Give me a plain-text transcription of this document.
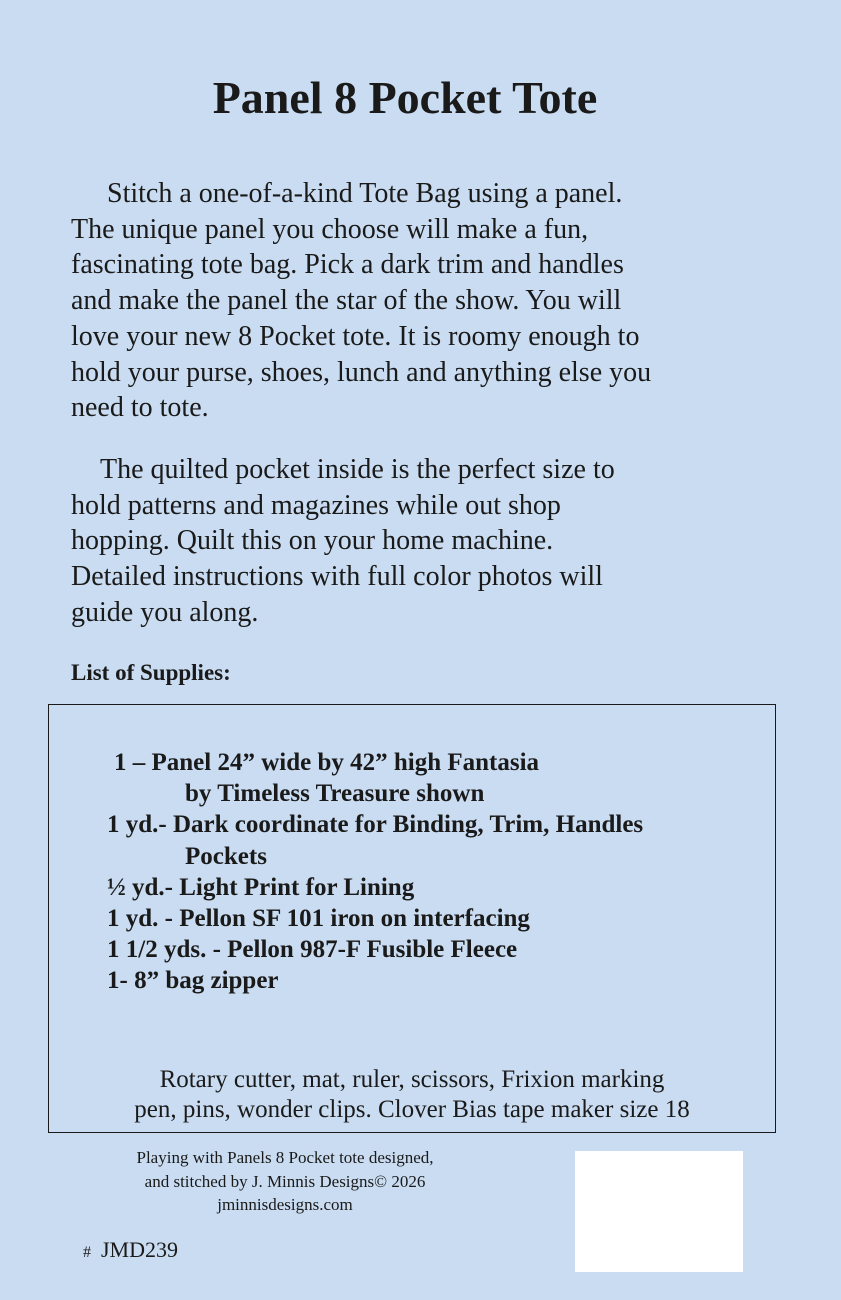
Panel 8 Pocket Tote

Stitch a one-of-a-kind Tote Bag using a panel.
The unique panel you choose will make a fun,
fascinating tote bag. Pick a dark trim and handles
and make the panel the star of the show. You will
love your new 8 Pocket tote. It is roomy enough to
hold your purse, shoes, lunch and anything else you
need to tote.

The quilted pocket inside is the perfect size to
hold patterns and magazines while out shop
hopping. Quilt this on your home machine.
Detailed instructions with full color photos will
guide you along.

List of Supplies:
1 – Panel 24” wide by 42” high Fantasia
by Timeless Treasure shown
1 yd.- Dark coordinate for Binding, Trim, Handles
Pockets
½ yd.- Light Print for Lining
1 yd. - Pellon SF 101 iron on interfacing
1 1/2 yds. - Pellon 987-F Fusible Fleece
1- 8” bag zipper

Rotary cutter, mat, ruler, scissors, Frixion marking
pen, pins, wonder clips. Clover Bias tape maker size 18

Playing with Panels 8 Pocket tote designed,
and stitched by J. Minnis Designs© 2026
jminnisdesigns.com

# JMD239
